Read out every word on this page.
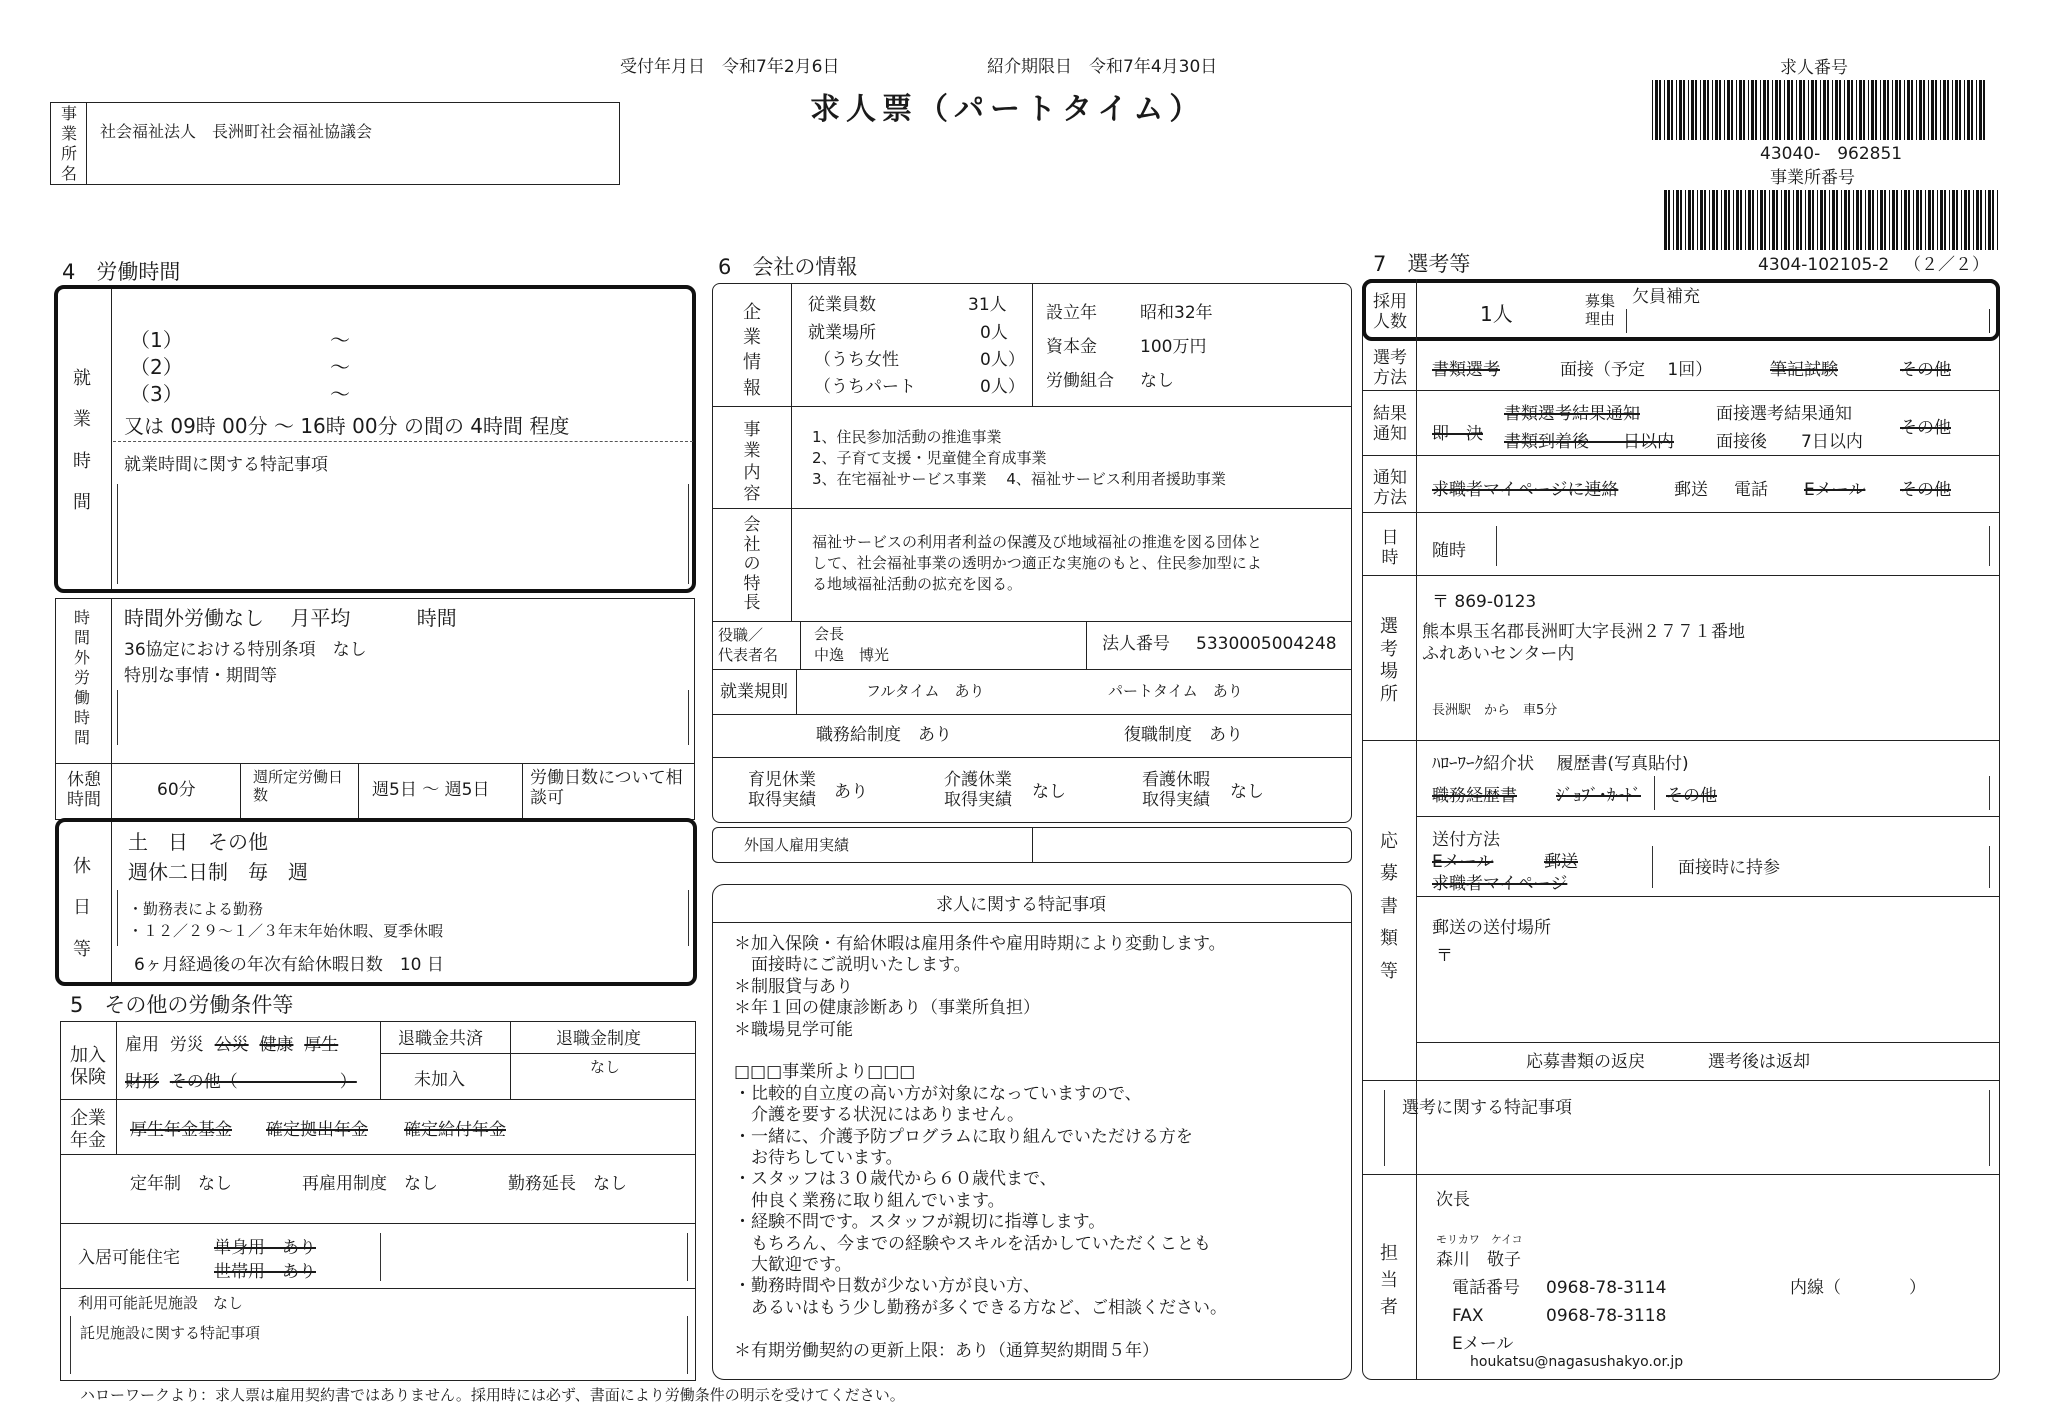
受付年月日　 令和7年2月6日	紹介期限日　 令和7年4月30日
求人票（パートタイム）
事業所名
社会福祉法人　長洲町社会福祉協議会
求人番号
43040-　962851
事業所番号
4304-102105-2 （２／２）
4　労働時間
就業時間
（1）	～
（2）	～
（3）	～
又は 09時 00分 ～ 16時 00分 の間の 4時間 程度
就業時間に関する特記事項
時間外労働時間
時間外労働なし　 月平均　　　 時間
36協定における特別条項　なし
特別な事情・期間等
休憩時間
60分
週所定労働日数	週5日 ～ 週5日
労働日数について相談可
休日等
土　日　その他
週休二日制　毎　週
・勤務表による勤務
・１２／２９～１／３年末年始休暇、夏季休暇
6ヶ月経過後の年次有給休暇日数　10 日
5　その他の労働条件等
加入保険
雇用 労災 公災 健康 厚生
財形 その他（　　　　　　）
退職金共済
未加入
退職金制度
なし
企業年金 厚生年金基金 確定拠出年金 確定給付年金
定年制　なし	再雇用制度　なし	勤務延長　なし
入居可能住宅 単身用　あり
世帯用　あり
利用可能託児施設　なし
託児施設に関する特記事項
ハローワークより：求人票は雇用契約書ではありません。採用時には必ず、書面により労働条件の明示を受けてください。
6　会社の情報
企業情報
従業員数	31人
就業場所	0人
（うち女性	0人）
（うちパート	0人）
設立年	昭和32年
資本金	100万円
労働組合 なし
事業内容
1、住民参加活動の推進事業
2、子育て支援・児童健全育成事業
3、在宅福祉サービス事業　 4、福祉サービス利用者援助事業
会社の特長
福祉サービスの利用者利益の保護及び地域福祉の推進を図る団体と
して、社会福祉事業の透明かつ適正な実施のもと、住民参加型によ
る地域福祉活動の拡充を図る。
役職／
代表者名
会長
中逸　博光
法人番号 5330005004248
就業規則	フルタイム　あり	パートタイム　あり
職務給制度　あり	復職制度　あり
育児休業
取得実績 あり
介護休業
取得実績 なし
看護休暇
取得実績 なし
外国人雇用実績
求人に関する特記事項
＊加入保険・有給休暇は雇用条件や雇用時期により変動します。
　面接時にご説明いたします。
＊制服貸与あり
＊年１回の健康診断あり（事業所負担）
＊職場見学可能
□□□事業所より□□□
・比較的自立度の高い方が対象になっていますので、
　介護を要する状況にはありません。
・一緒に、介護予防プログラムに取り組んでいただける方を
　お待ちしています。
・スタッフは３０歳代から６０歳代まで、
　仲良く業務に取り組んでいます。
・経験不問です。スタッフが親切に指導します。
　もちろん、今までの経験やスキルを活かしていただくことも
　大歓迎です。
・勤務時間や日数が少ない方が良い方、
　あるいはもう少し勤務が多くできる方など、ご相談ください。
＊有期労働契約の更新上限：あり（通算契約期間５年）
7　選考等
採用人数	1人
募集理由
欠員補充
選考方法 書類選考	面接（予定　 1回）	筆記試験	その他
結果通知 即　決
書類選考結果通知
書類到着後　　日以内
面接選考結果通知
面接後　　7日以内
その他
通知方法 求職者マイページに連絡	郵送 電話 Eメール その他
日時 随時
選考場所
〒 869-0123
熊本県玉名郡長洲町大字長洲２７７１番地
ふれあいセンター内
長洲駅　から　車5分
応募書類等
ﾊﾛｰﾜｰｸ紹介状　 履歴書(写真貼付)
職務経歴書 ｼﾞｮﾌﾞ･ｶｰﾄﾞ その他
送付方法
Eメール	郵送
求職者マイページ
面接時に持参
郵送の送付場所
〒
応募書類の返戻	選考後は返却
選考に関する特記事項
担当者
次長
モリカワ　ケイコ
森川　敬子
電話番号 0968-78-3114	内線（　　　　）
FAX	0968-78-3118
Eメール
houkatsu@nagasushakyo.or.jp
